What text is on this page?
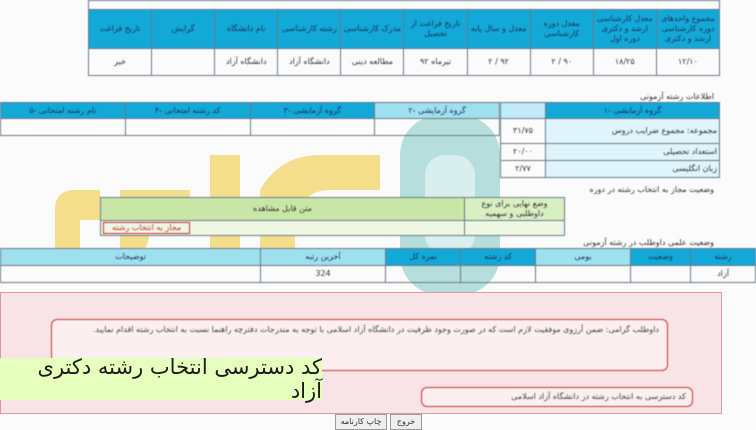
تاریخ فراغت	گرایش	نام دانشگاه	رشته کارشناسی	مدرک کارشناسی	تاریخ فراغت از تحصیل	معدل و سال پایه	معدل دوره کارشناسی	معدل کارشناسی ارشد و دکتری دوره اول	مجموع واحدهای دوره کارشناسی ارشد و دکتری
خیر		دانشگاه آزاد	دانشگاه آزاد	مطالعه دینی	تیرماه ۹۲	۲ / ۹۲	۲ / ۹۰	۱۸/۲۵	۱۲/۱۰
اطلاعات رشته آزمونی
۵- نام رشته امتحانی	۴- کد رشته امتحانی	۳- گروه آزمایشی	۲- گروه آزمایشی

		۱- گروه آزمایشی
۳۱/۷۵	مجموعه: مجموع ضرایب دروس
۲۰/۰۰	استعداد تحصیلی
۲/۷۷	زبان انگلیسی
وضعیت مجاز به انتخاب رشته در دوره
متن قابل مشاهده	وضع نهایی برای نوع داوطلبی و سهمیه
مجاز به انتخاب رشته	
وضعیت علمی داوطلب در رشته آزمونی
توضیحات	آخرین رتبه	نمره کل	کد رشته	بومی	وضعیت	رشته
	324					آزاد
داوطلب گرامی: ضمن آرزوی موفقیت لازم است که در صورت وجود ظرفیت در دانشگاه آزاد اسلامی با توجه به مندرجات دفترچه راهنما نسبت به انتخاب رشته اقدام نمایید.
کد دسترسی به انتخاب رشته در دانشگاه آزاد اسلامی
کد دسترسی انتخاب رشته دکتری آزاد
چاپ کارنامه	خروج
